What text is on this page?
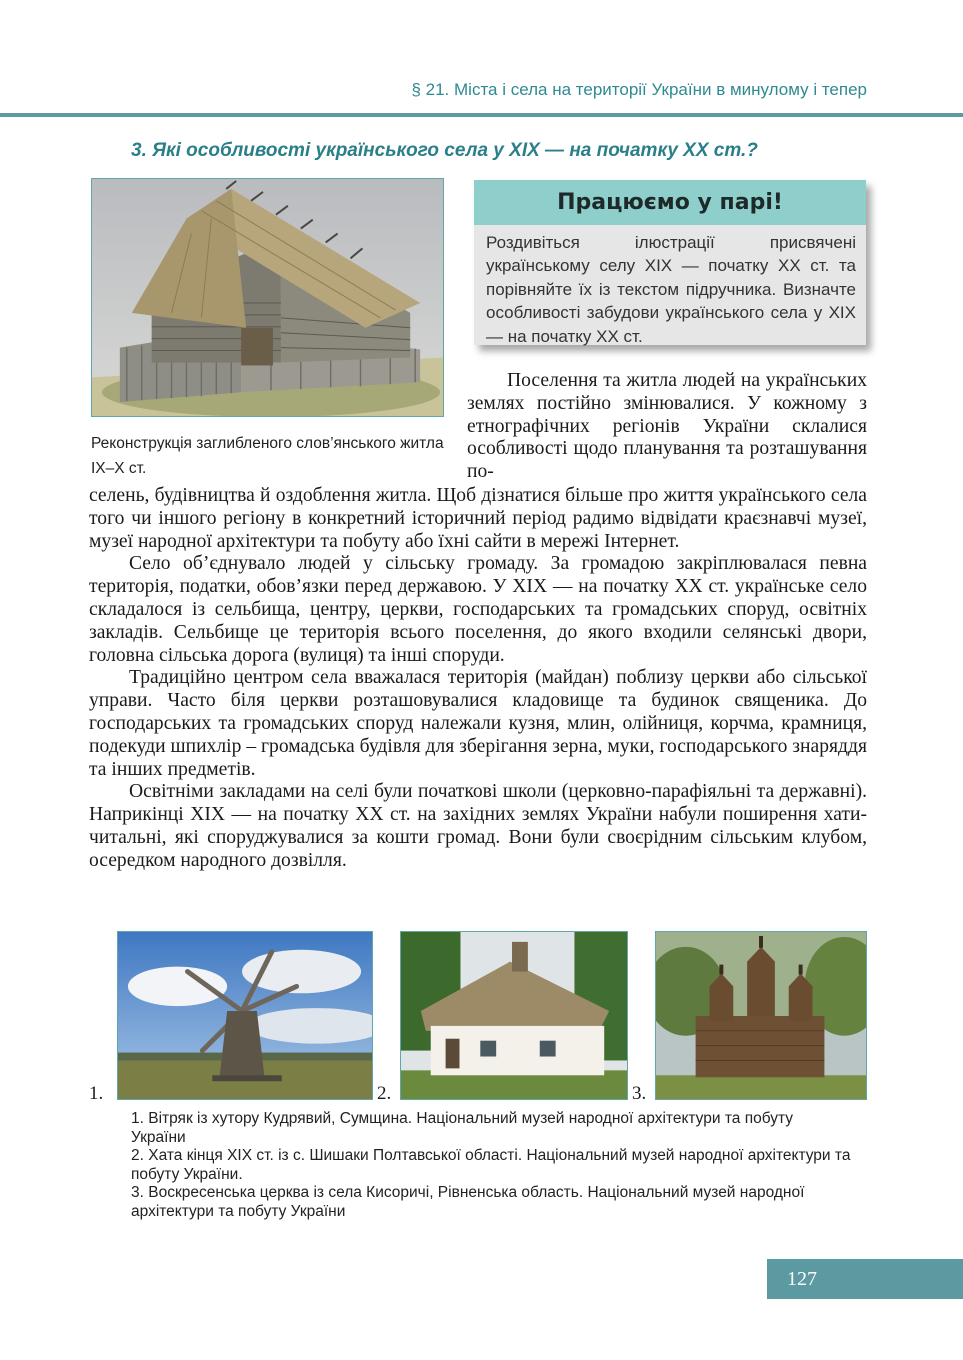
§ 21. Міста і села на території України в минулому і тепер
3. Які особливості українського села у XIX — на початку XX ст.?
Реконструкція заглибленого слов’янського житла IX–X ст.
Працюємо у парі!
Роздивіться ілюстрації присвячені українському селу XIX — початку XX ст. та порівняйте їх із текстом підручника. Визначте особливості забудови українського села у XIX — на початку XX ст.
Поселення та житла людей на українських землях постійно змінювалися. У кожному з етнографічних регіонів України склалися особливості щодо планування та розташування по-

селень, будівництва й оздоблення житла. Щоб дізнатися більше про життя українського села того чи іншого регіону в конкретний історичний період радимо відвідати краєзнавчі музеї, музеї народної архітектури та побуту або їхні сайти в мережі Інтернет.

Село об’єднувало людей у сільську громаду. За громадою закріплювалася певна територія, податки, обов’язки перед державою. У XIX — на початку XX ст. українське село складалося із сельбища, центру, церкви, господарських та громадських споруд, освітніх закладів. Сельбище це територія всього поселення, до якого входили селянські двори, головна сільська дорога (вулиця) та інші споруди.

Традиційно центром села вважалася територія (майдан) поблизу церкви або сільської управи. Часто біля церкви розташовувалися кладовище та будинок священика. До господарських та громадських споруд належали кузня, млин, олійниця, корчма, крамниця, подекуди шпихлір – громадська будівля для зберігання зерна, муки, господарського знаряддя та інших предметів.

Освітніми закладами на селі були початкові школи (церковно-парафіяльні та державні). Наприкінці XIX — на початку XX ст. на західних землях України набули поширення хати-читальні, які споруджувалися за кошти громад. Вони були своєрідним сільським клубом, осередком народного дозвілля.

1.	2.	3.
1. Вітряк із хутору Кудрявий, Сумщина. Національний музей народної архітектури та побуту України
2. Хата кінця XIX ст. із с. Шишаки Полтавської області. Національний музей народної архітектури та побуту України.
3. Воскресенська церква із села Кисоричі, Рівненська область. Національний музей народної архітектури та побуту України
127
